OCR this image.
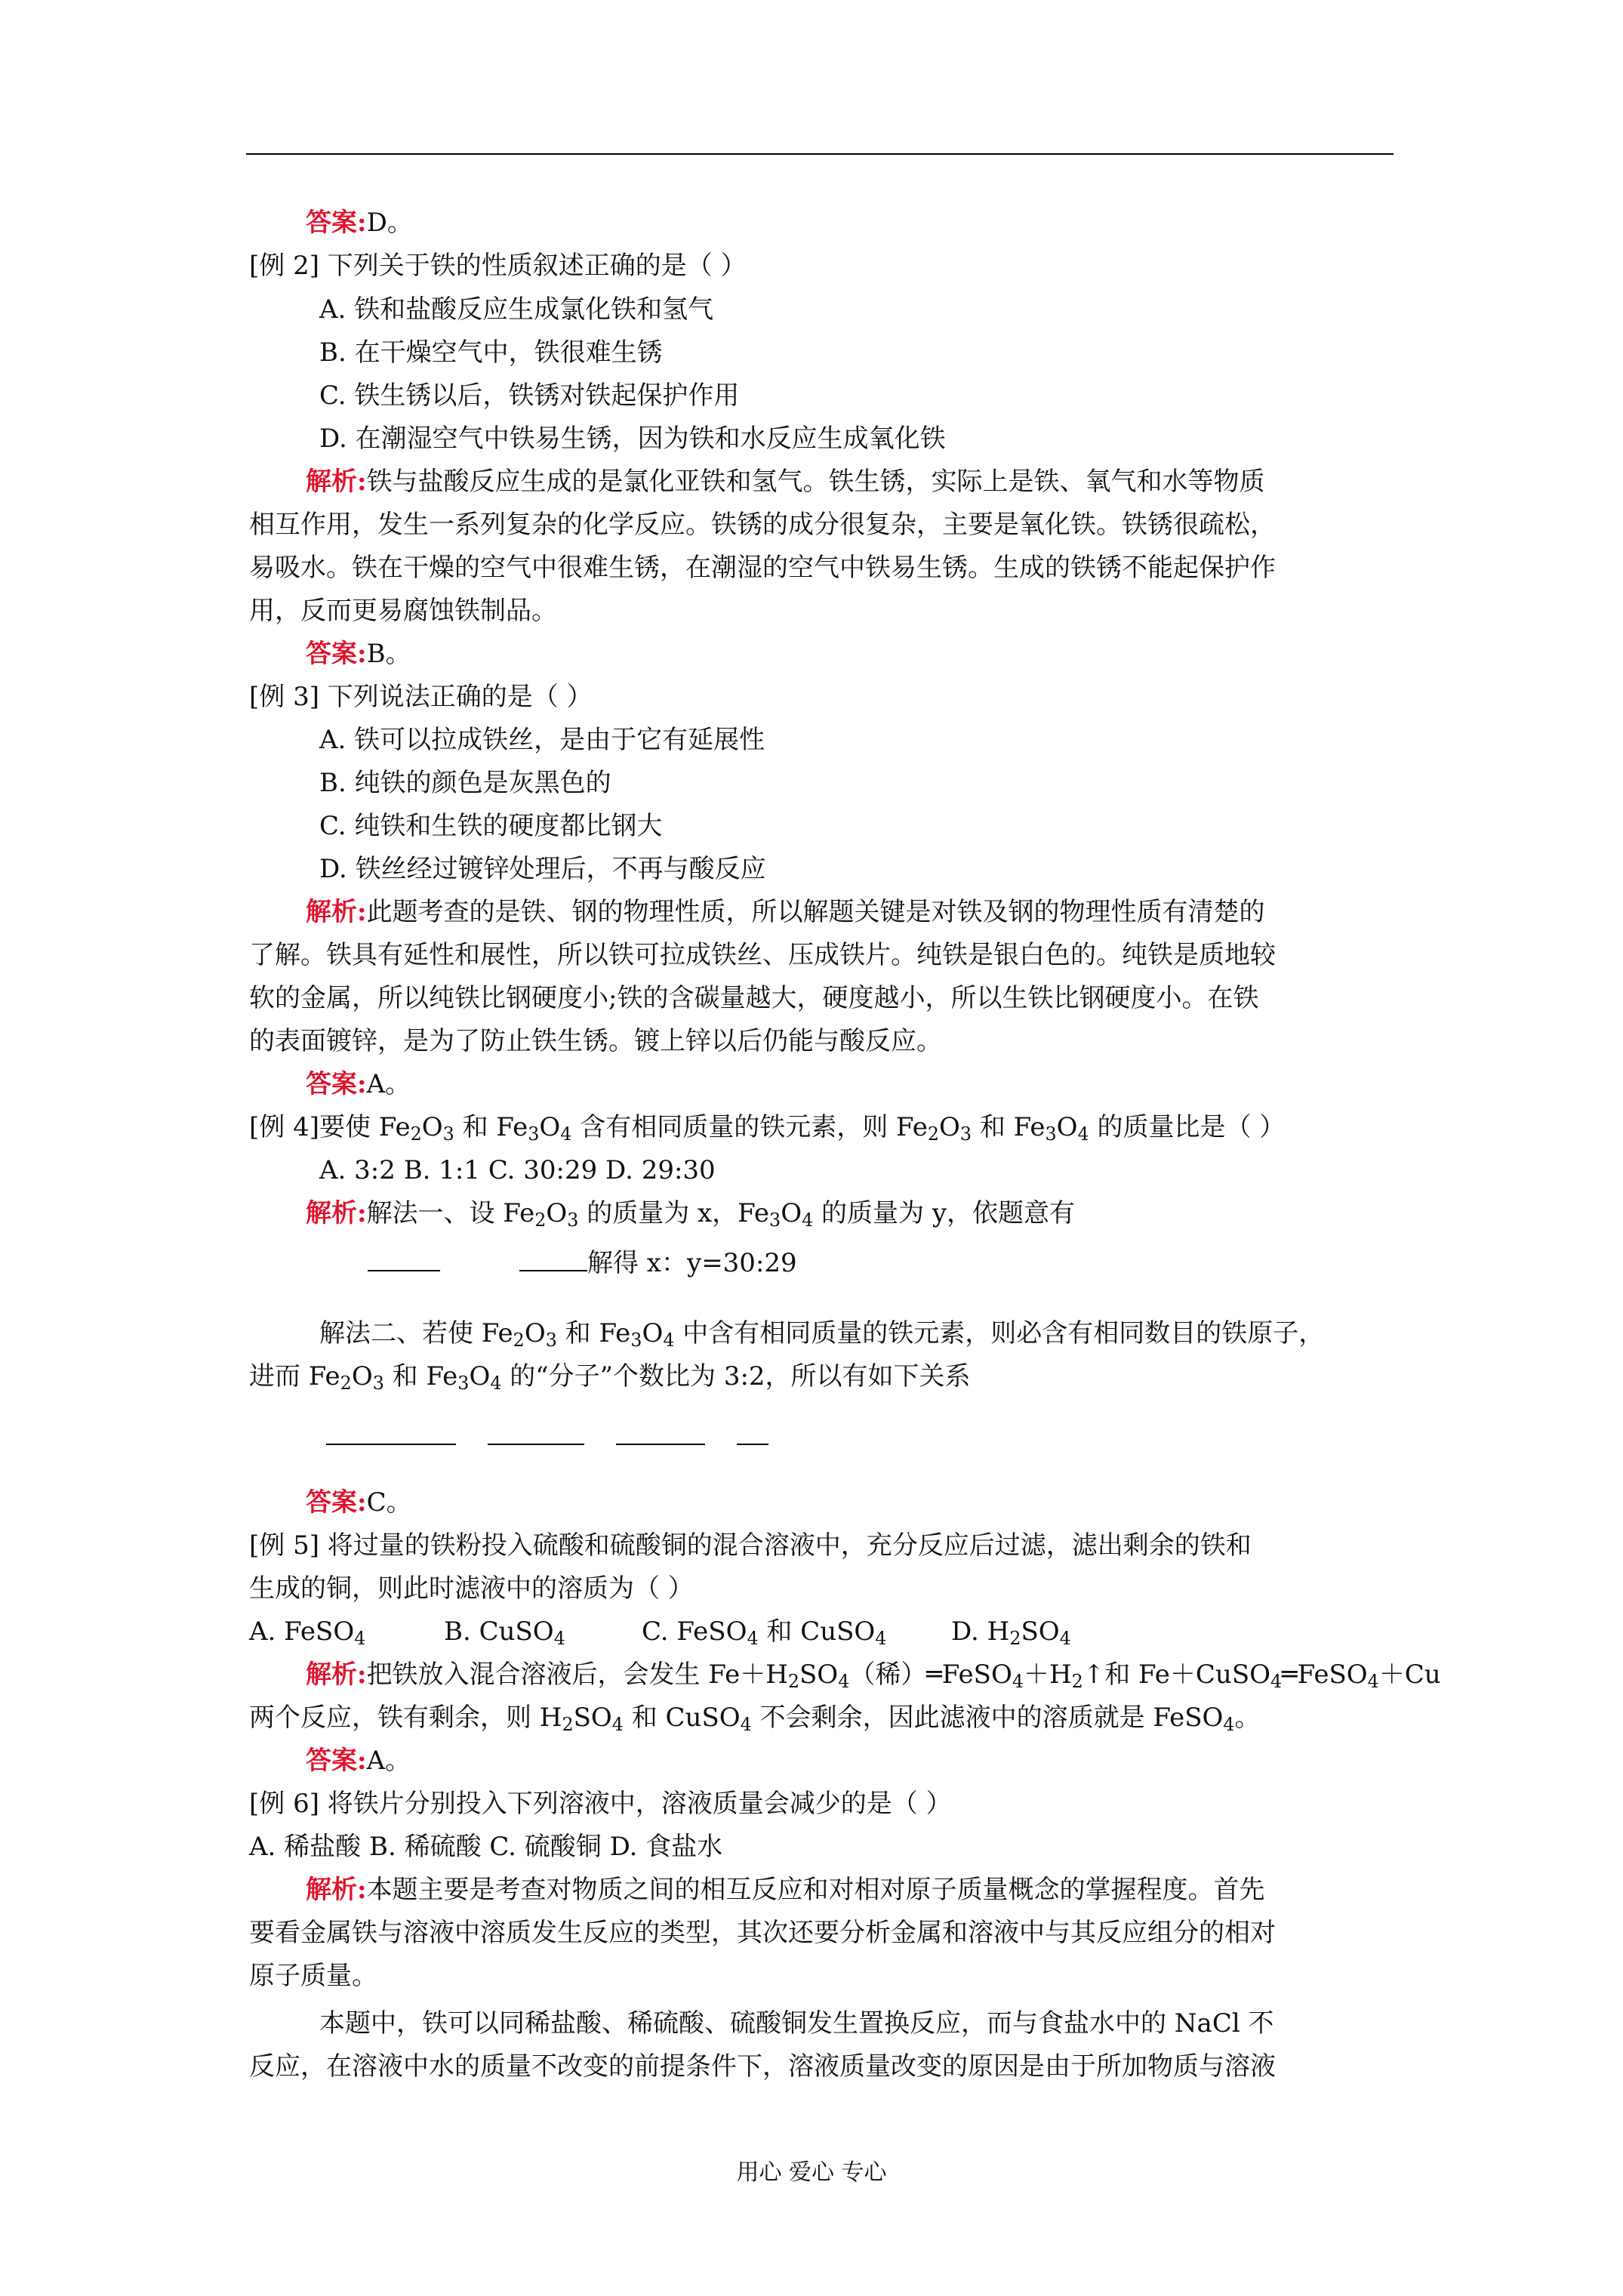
答案:D。
[例 2] 下列关于铁的性质叙述正确的是（ ）
A. 铁和盐酸反应生成氯化铁和氢气
B. 在干燥空气中，铁很难生锈
C. 铁生锈以后，铁锈对铁起保护作用
D. 在潮湿空气中铁易生锈，因为铁和水反应生成氧化铁
解析:铁与盐酸反应生成的是氯化亚铁和氢气。铁生锈，实际上是铁、氧气和水等物质
相互作用，发生一系列复杂的化学反应。铁锈的成分很复杂，主要是氧化铁。铁锈很疏松，
易吸水。铁在干燥的空气中很难生锈，在潮湿的空气中铁易生锈。生成的铁锈不能起保护作
用，反而更易腐蚀铁制品。
答案:B。
[例 3] 下列说法正确的是（ ）
A. 铁可以拉成铁丝，是由于它有延展性
B. 纯铁的颜色是灰黑色的
C. 纯铁和生铁的硬度都比钢大
D. 铁丝经过镀锌处理后，不再与酸反应
解析:此题考查的是铁、钢的物理性质，所以解题关键是对铁及钢的物理性质有清楚的
了解。铁具有延性和展性，所以铁可拉成铁丝、压成铁片。纯铁是银白色的。纯铁是质地较
软的金属，所以纯铁比钢硬度小;铁的含碳量越大，硬度越小，所以生铁比钢硬度小。在铁
的表面镀锌，是为了防止铁生锈。镀上锌以后仍能与酸反应。
答案:A。
[例 4]要使 $Fe_2O_3$ 和 $Fe_3O_4$ 含有相同质量的铁元素，则 $Fe_2O_3$ 和 $Fe_3O_4$ 的质量比是（ ）
A. 3:2 B. 1:1 C. 30:29 D. 29:30
解析:解法一、设 $Fe_2O_3$ 的质量为 x，$Fe_3O_4$ 的质量为 y，依题意有
解得 x：y=30:29
解法二、若使 $Fe_2O_3$ 和 $Fe_3O_4$ 中含有相同质量的铁元素，则必含有相同数目的铁原子，
进而 $Fe_2O_3$ 和 $Fe_3O_4$ 的“分子”个数比为 3:2，所以有如下关系
答案:C。
[例 5] 将过量的铁粉投入硫酸和硫酸铜的混合溶液中，充分反应后过滤，滤出剩余的铁和
生成的铜，则此时滤液中的溶质为（ ）
A. FeSO$_4$	B. CuSO$_4$	C. FeSO$_4$ 和 CuSO$_4$	D. $H_2SO_4$
解析:把铁放入混合溶液后，会发生 $Fe+H_2SO_4$（稀）$═FeSO_4+H_2↑$和 Fe＋CuSO$_4$═FeSO$_4$＋Cu
两个反应，铁有剩余，则 $H_2SO_4$ 和 CuSO$_4$ 不会剩余，因此滤液中的溶质就是 FeSO$_4$。
答案:A。
[例 6] 将铁片分别投入下列溶液中，溶液质量会减少的是（ ）
A. 稀盐酸 B. 稀硫酸 C. 硫酸铜 D. 食盐水
解析:本题主要是考查对物质之间的相互反应和对相对原子质量概念的掌握程度。首先
要看金属铁与溶液中溶质发生反应的类型，其次还要分析金属和溶液中与其反应组分的相对
原子质量。
本题中，铁可以同稀盐酸、稀硫酸、硫酸铜发生置换反应，而与食盐水中的 NaCl 不
反应，在溶液中水的质量不改变的前提条件下，溶液质量改变的原因是由于所加物质与溶液
用心 爱心 专心
